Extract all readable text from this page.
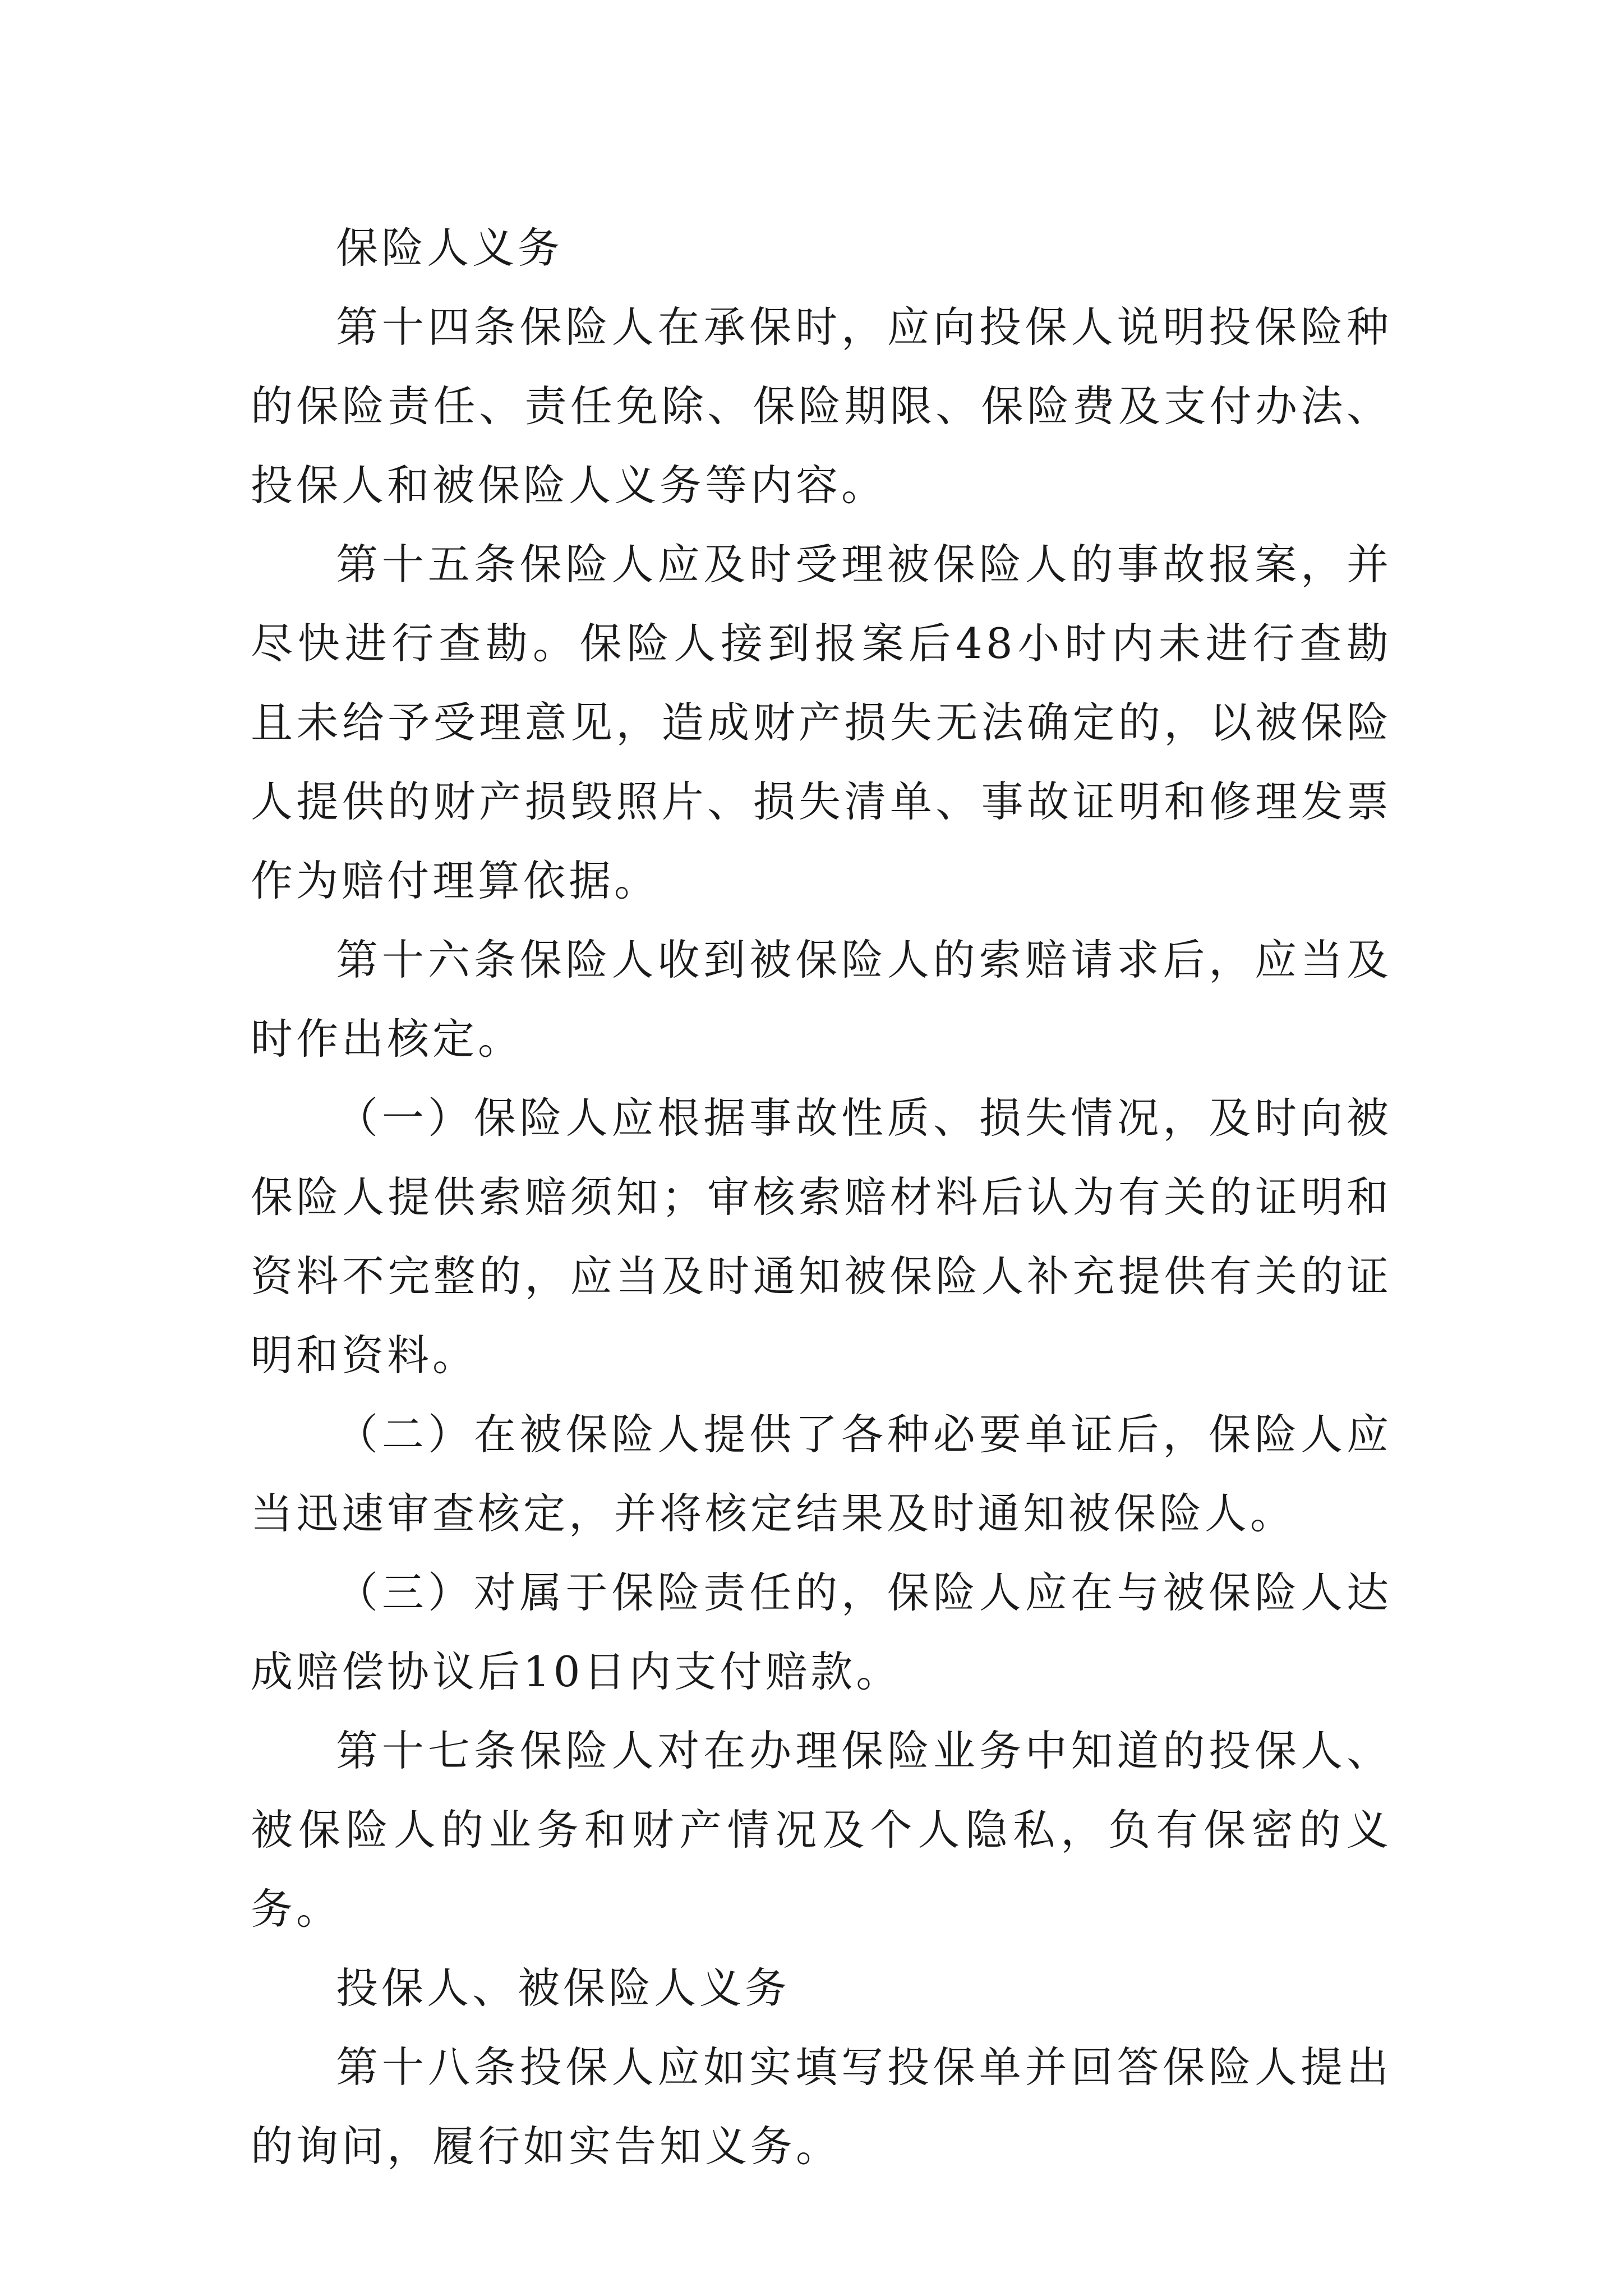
保险人义务

第十四条保险人在承保时，应向投保人说明投保险种的保险责任、责任免除、保险期限、保险费及支付办法、投保人和被保险人义务等内容。

第十五条保险人应及时受理被保险人的事故报案，并尽快进行查勘。保险人接到报案后48小时内未进行查勘且未给予受理意见，造成财产损失无法确定的，以被保险人提供的财产损毁照片、损失清单、事故证明和修理发票作为赔付理算依据。

第十六条保险人收到被保险人的索赔请求后，应当及时作出核定。

（一）保险人应根据事故性质、损失情况，及时向被保险人提供索赔须知；审核索赔材料后认为有关的证明和资料不完整的，应当及时通知被保险人补充提供有关的证明和资料。

（二）在被保险人提供了各种必要单证后，保险人应当迅速审查核定，并将核定结果及时通知被保险人。

（三）对属于保险责任的，保险人应在与被保险人达成赔偿协议后10日内支付赔款。

第十七条保险人对在办理保险业务中知道的投保人、被保险人的业务和财产情况及个人隐私，负有保密的义务。

投保人、被保险人义务

第十八条投保人应如实填写投保单并回答保险人提出的询问，履行如实告知义务。
